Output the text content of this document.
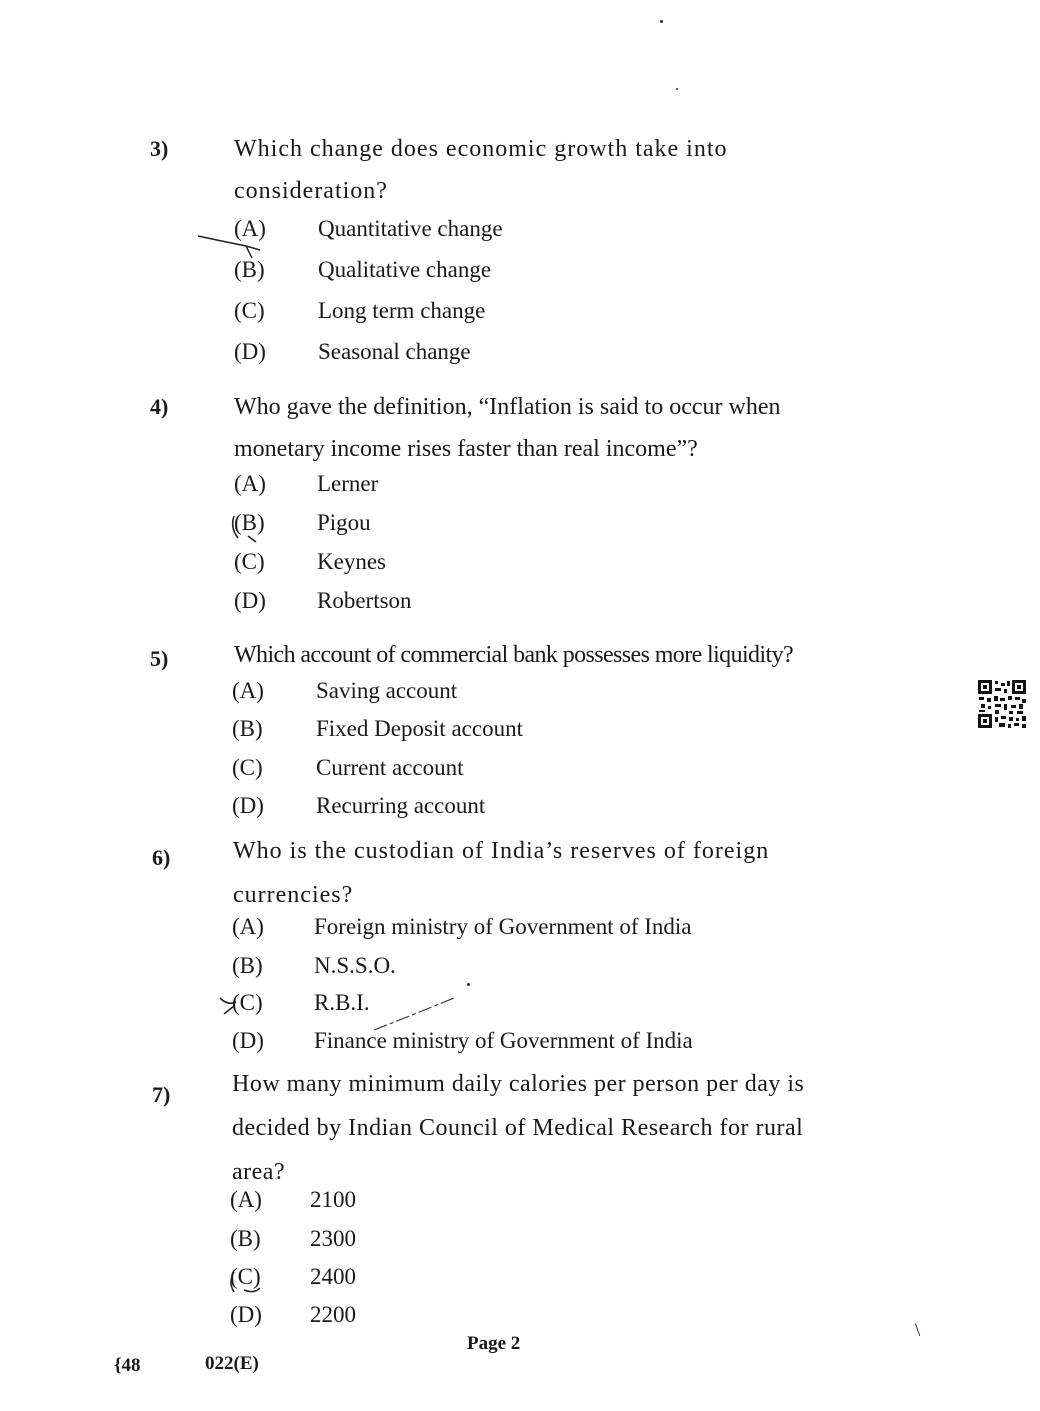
3)	Which change does economic growth take into consideration?
(A) Quantitative change
(B) Qualitative change
(C) Long term change
(D) Seasonal change
4)	Who gave the definition, “Inflation is said to occur when monetary income rises faster than real income”?
(A) Lerner
(B) Pigou
(C) Keynes
(D) Robertson
5)	Which account of commercial bank possesses more liquidity?
(A) Saving account
(B) Fixed Deposit account
(C) Current account
(D) Recurring account
6)	Who is the custodian of India’s reserves of foreign currencies?
(A) Foreign ministry of Government of India
(B) N.S.S.O.
(C) R.B.I.
(D) Finance ministry of Government of India
7)	How many minimum daily calories per person per day is decided by Indian Council of Medical Research for rural area?
(A) 2100
(B) 2300
(C) 2400
(D) 2200
{48	022(E)
Page 2
\
